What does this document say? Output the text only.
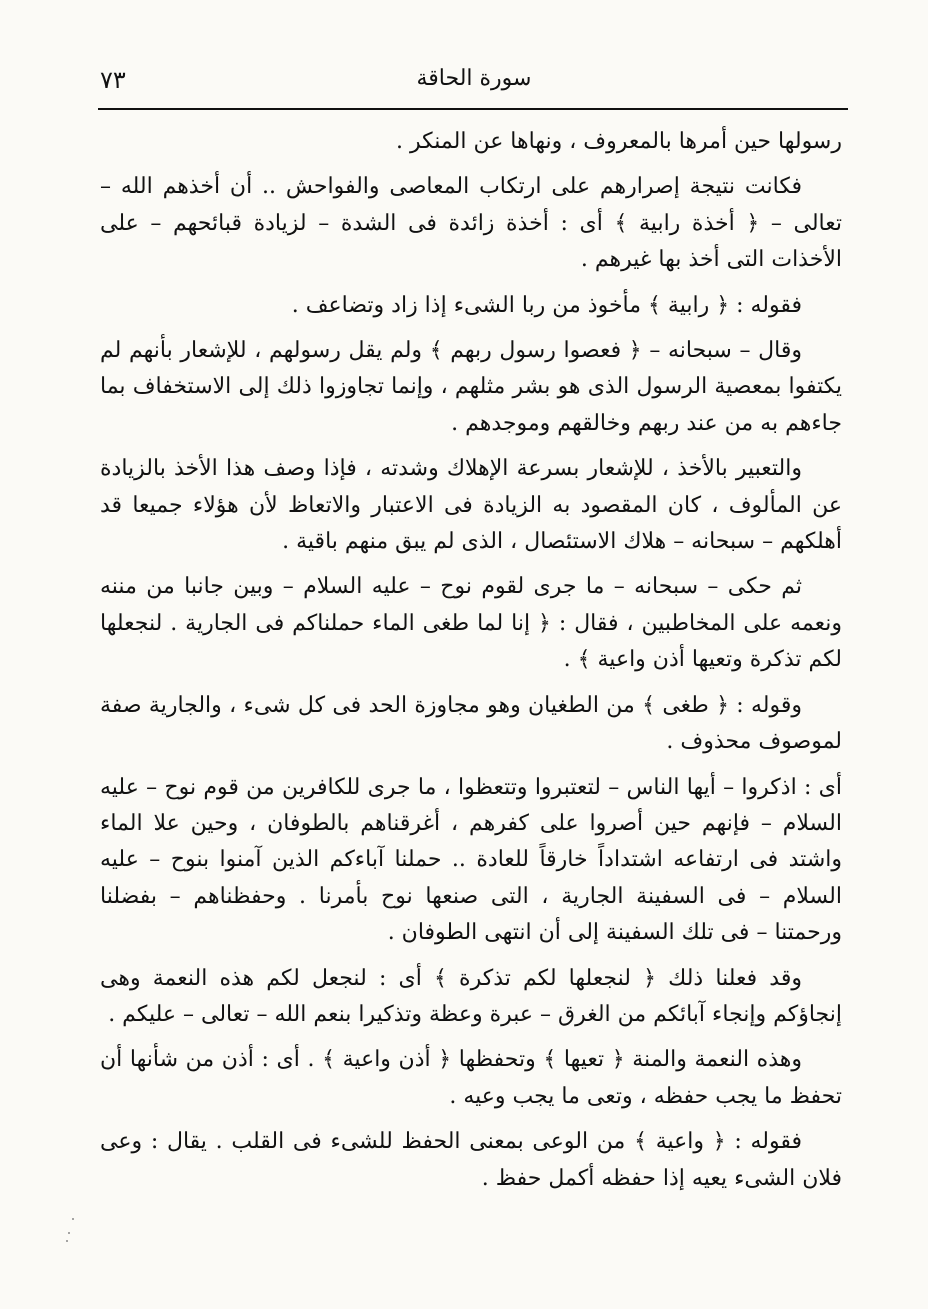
٧٣	سورة الحاقة

رسولها حين أمرها بالمعروف ، ونهاها عن المنكر .

فكانت نتيجة إصرارهم على ارتكاب المعاصى والفواحش .. أن أخذهم الله – تعالى – ﴿ أخذة رابية ﴾ أى : أخذة زائدة فى الشدة – لزيادة قبائحهم – على الأخذات التى أخذ بها غيرهم .

فقوله : ﴿ رابية ﴾ مأخوذ من ربا الشىء إذا زاد وتضاعف .

وقال – سبحانه – ﴿ فعصوا رسول ربهم ﴾ ولم يقل رسولهم ، للإشعار بأنهم لم يكتفوا بمعصية الرسول الذى هو بشر مثلهم ، وإنما تجاوزوا ذلك إلى الاستخفاف بما جاءهم به من عند ربهم وخالقهم وموجدهم .

والتعبير بالأخذ ، للإشعار بسرعة الإهلاك وشدته ، فإذا وصف هذا الأخذ بالزيادة عن المألوف ، كان المقصود به الزيادة فى الاعتبار والاتعاظ لأن هؤلاء جميعا قد أهلكهم – سبحانه – هلاك الاستئصال ، الذى لم يبق منهم باقية .

ثم حكى – سبحانه – ما جرى لقوم نوح – عليه السلام – وبين جانبا من مننه ونعمه على المخاطبين ، فقال : ﴿ إنا لما طغى الماء حملناكم فى الجارية . لنجعلها لكم تذكرة وتعيها أذن واعية ﴾ .

وقوله : ﴿ طغى ﴾ من الطغيان وهو مجاوزة الحد فى كل شىء ، والجارية صفة لموصوف محذوف .

أى : اذكروا – أيها الناس – لتعتبروا وتتعظوا ، ما جرى للكافرين من قوم نوح – عليه السلام – فإنهم حين أصروا على كفرهم ، أغرقناهم بالطوفان ، وحين علا الماء واشتد فى ارتفاعه اشتداداً خارقاً للعادة .. حملنا آباءكم الذين آمنوا بنوح – عليه السلام – فى السفينة الجارية ، التى صنعها نوح بأمرنا . وحفظناهم – بفضلنا ورحمتنا – فى تلك السفينة إلى أن انتهى الطوفان .

وقد فعلنا ذلك ﴿ لنجعلها لكم تذكرة ﴾ أى : لنجعل لكم هذه النعمة وهى إنجاؤكم وإنجاء آبائكم من الغرق – عبرة وعظة وتذكيرا بنعم الله – تعالى – عليكم .

وهذه النعمة والمنة ﴿ تعيها ﴾ وتحفظها ﴿ أذن واعية ﴾ . أى : أذن من شأنها أن تحفظ ما يجب حفظه ، وتعى ما يجب وعيه .

فقوله : ﴿ واعية ﴾ من الوعى بمعنى الحفظ للشىء فى القلب . يقال : وعى فلان الشىء يعيه إذا حفظه أكمل حفظ .
